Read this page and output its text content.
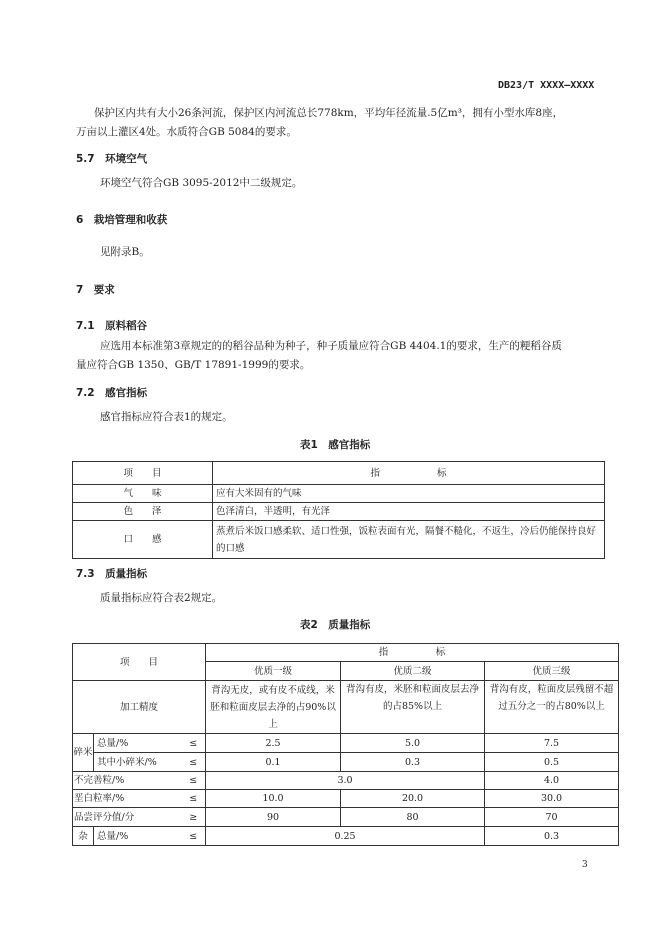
DB23/T XXXX—XXXX
保护区内共有大小26条河流，保护区内河流总长778km，平均年径流量.5亿m³，拥有小型水库8座，
万亩以上灌区4处。水质符合GB 5084的要求。
5.7　环境空气
环境空气符合GB 3095-2012中二级规定。
6　栽培管理和收获
见附录B。
7　要求
7.1　原料稻谷
应选用本标准第3章规定的的稻谷品种为种子，种子质量应符合GB 4404.1的要求，生产的粳稻谷质
量应符合GB 1350、GB/T 17891-1999的要求。
7.2　感官指标
感官指标应符合表1的规定。
表1　感官指标
项　　目	指　　　　　　标
气　　味	应有大米固有的气味
色　　泽	色泽清白，半透明，有光泽
口　　感	蒸煮后米饭口感柔软、适口性强，饭粒表面有光，隔餐不糙化，不返生，冷后仍能保持良好的口感
7.3　质量指标
质量指标应符合表2规定。
表2　质量指标
项　　目			指　　　　　标		
			优质一级	优质二级	优质三级
加工精度			背沟无皮，或有皮不成线，米胚和粒面皮层去净的占90%以上	背沟有皮，米胚和粒面皮层去净的占85%以上	背沟有皮，粒面皮层残留不超过五分之一的占80%以上
碎米	总量/%	≤	2.5	5.0	7.5
	其中小碎米/%	≤	0.1	0.3	0.5
不完善粒/%		≤	3.0		4.0
垩白粒率/%		≤	10.0	20.0	30.0
品尝评分值/分		≥	90	80	70
杂	总量/%	≤	0.25		0.3
3
